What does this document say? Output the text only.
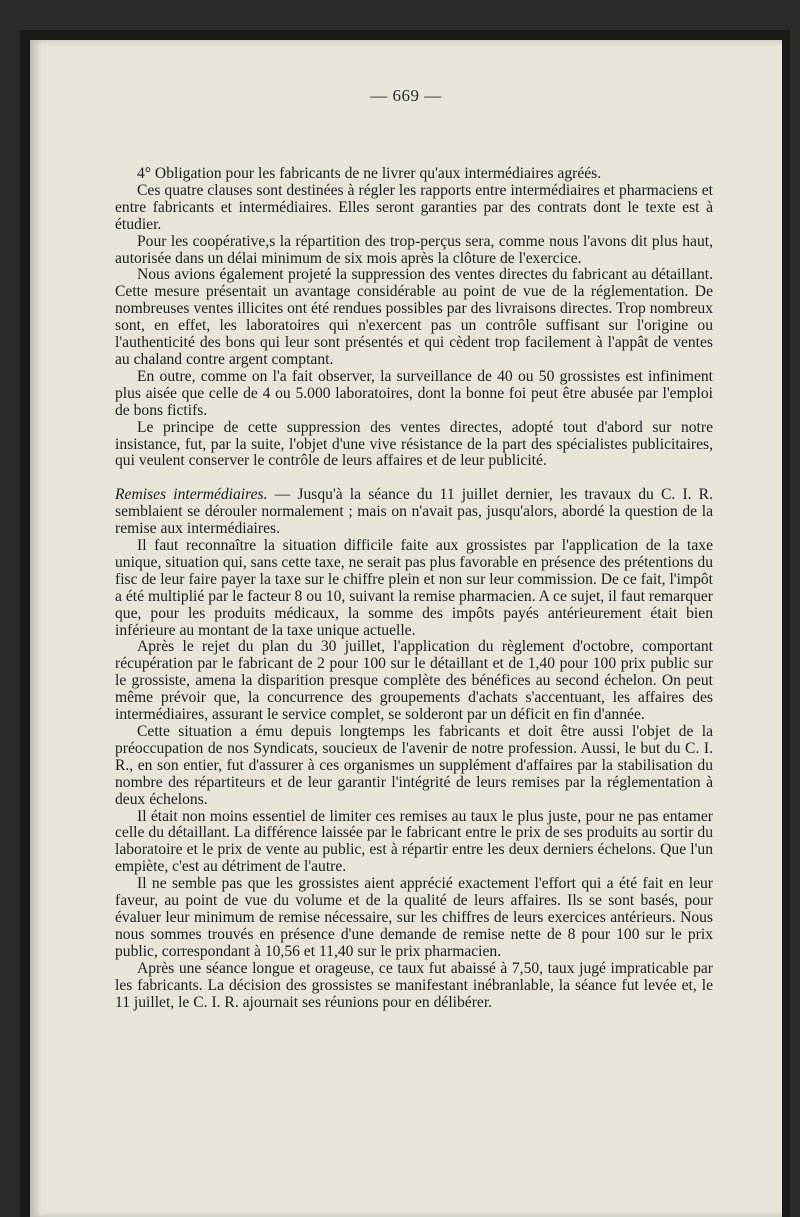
— 669 —

4° Obligation pour les fabricants de ne livrer qu'aux intermédiaires agréés.

Ces quatre clauses sont destinées à régler les rapports entre intermédiaires et pharmaciens et entre fabricants et intermédiaires. Elles seront garanties par des contrats dont le texte est à étudier.

Pour les coopérative,s la répartition des trop-perçus sera, comme nous l'avons dit plus haut, autorisée dans un délai minimum de six mois après la clôture de l'exercice.

Nous avions également projeté la suppression des ventes directes du fabricant au détaillant. Cette mesure présentait un avantage considérable au point de vue de la réglementation. De nombreuses ventes illicites ont été rendues possibles par des livraisons directes. Trop nombreux sont, en effet, les laboratoires qui n'exercent pas un contrôle suffisant sur l'origine ou l'authenticité des bons qui leur sont présentés et qui cèdent trop facilement à l'appât de ventes au chaland contre argent comptant.

En outre, comme on l'a fait observer, la surveillance de 40 ou 50 grossistes est infiniment plus aisée que celle de 4 ou 5.000 laboratoires, dont la bonne foi peut être abusée par l'emploi de bons fictifs.

Le principe de cette suppression des ventes directes, adopté tout d'abord sur notre insistance, fut, par la suite, l'objet d'une vive résistance de la part des spécialistes publicitaires, qui veulent conserver le contrôle de leurs affaires et de leur publicité.

Remises intermédiaires. — Jusqu'à la séance du 11 juillet dernier, les travaux du C. I. R. semblaient se dérouler normalement ; mais on n'avait pas, jusqu'alors, abordé la question de la remise aux intermédiaires.

Il faut reconnaître la situation difficile faite aux grossistes par l'application de la taxe unique, situation qui, sans cette taxe, ne serait pas plus favorable en présence des prétentions du fisc de leur faire payer la taxe sur le chiffre plein et non sur leur commission. De ce fait, l'impôt a été multiplié par le facteur 8 ou 10, suivant la remise pharmacien. A ce sujet, il faut remarquer que, pour les produits médicaux, la somme des impôts payés antérieurement était bien inférieure au montant de la taxe unique actuelle.

Après le rejet du plan du 30 juillet, l'application du règlement d'octobre, comportant récupération par le fabricant de 2 pour 100 sur le détaillant et de 1,40 pour 100 prix public sur le grossiste, amena la disparition presque complète des bénéfices au second échelon. On peut même prévoir que, la concurrence des groupements d'achats s'accentuant, les affaires des intermédiaires, assurant le service complet, se solderont par un déficit en fin d'année.

Cette situation a ému depuis longtemps les fabricants et doit être aussi l'objet de la préoccupation de nos Syndicats, soucieux de l'avenir de notre profession. Aussi, le but du C. I. R., en son entier, fut d'assurer à ces organismes un supplément d'affaires par la stabilisation du nombre des répartiteurs et de leur garantir l'intégrité de leurs remises par la réglementation à deux échelons.

Il était non moins essentiel de limiter ces remises au taux le plus juste, pour ne pas entamer celle du détaillant. La différence laissée par le fabricant entre le prix de ses produits au sortir du laboratoire et le prix de vente au public, est à répartir entre les deux derniers échelons. Que l'un empiète, c'est au détriment de l'autre.

Il ne semble pas que les grossistes aient apprécié exactement l'effort qui a été fait en leur faveur, au point de vue du volume et de la qualité de leurs affaires. Ils se sont basés, pour évaluer leur minimum de remise nécessaire, sur les chiffres de leurs exercices antérieurs. Nous nous sommes trouvés en présence d'une demande de remise nette de 8 pour 100 sur le prix public, correspondant à 10,56 et 11,40 sur le prix pharmacien.

Après une séance longue et orageuse, ce taux fut abaissé à 7,50, taux jugé impraticable par les fabricants. La décision des grossistes se manifestant inébranlable, la séance fut levée et, le 11 juillet, le C. I. R. ajournait ses réunions pour en délibérer.
